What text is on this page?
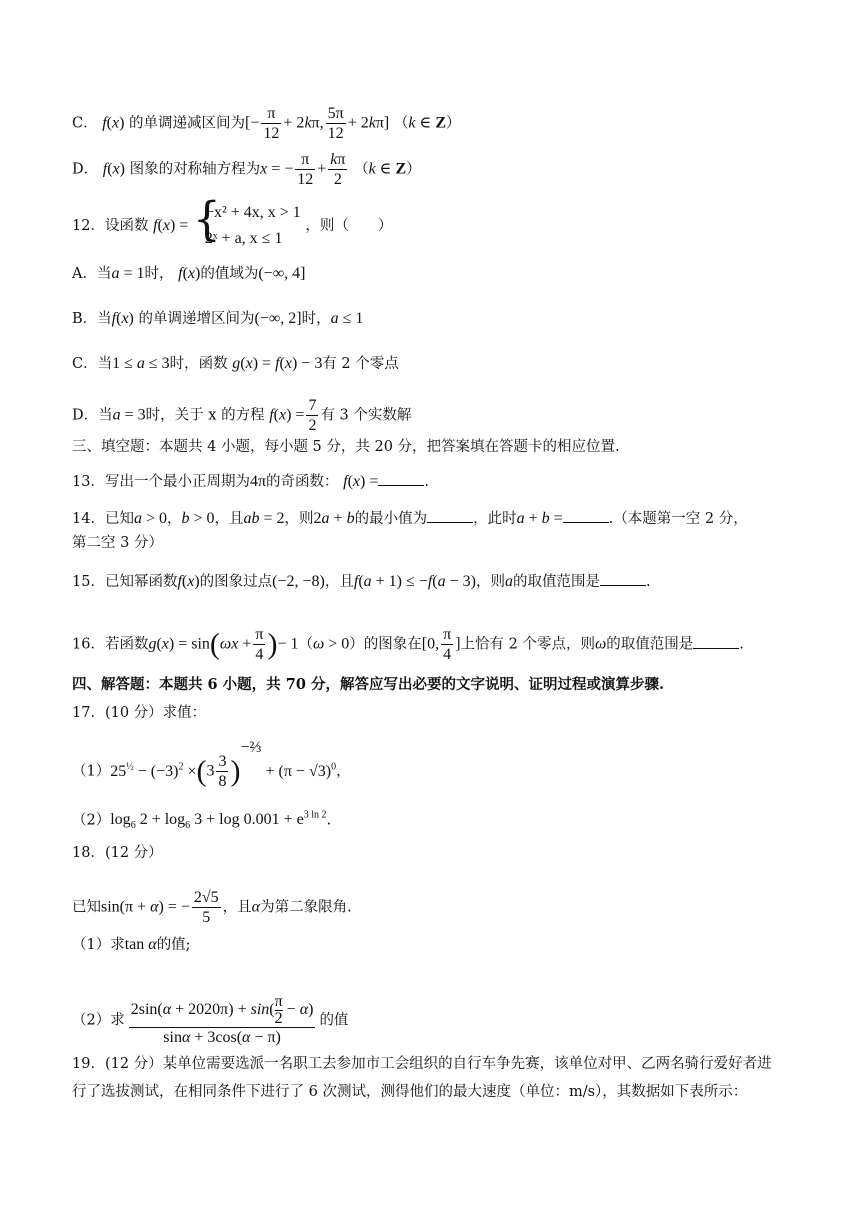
C． f(x) 的单调递减区间为[− $\frac{\pi}{12} + 2k\pi$, $\frac{5\pi}{12} + 2k\pi$] （k ∈ Z）
D． f(x) 图象的对称轴方程为x = − $\frac{\pi}{12} + \frac{k\pi}{2} (k$ ∈ Z）
12．设函数 f(x) = {
−x² + 4x, x > 1
2ˣ + a, x ≤ 1
，则（　　）
A．当a = 1时， f(x)的值域为(−∞, 4]
B．当f(x) 的单调递增区间为(−∞, 2]时，a ≤ 1
C．当1 ≤ a ≤ 3时，函数 g(x) = f(x) − 3有 2 个零点
D．当a = 3时，关于 x 的方程 $f(x) = \frac{7}{2}$ 有 3 个实数解
三、填空题：本题共 4 小题，每小题 5 分，共 20 分，把答案填在答题卡的相应位置.
13．写出一个最小正周期为4π的奇函数： f(x) =	.
14．已知a > 0，b > 0，且ab = 2，则2a + b的最小值为	，此时a + b =	.（本题第一空 2 分，
第二空 3 分）
15．已知幂函数f(x)的图象过点(−2, −8)，且f(a + 1) ≤ −f(a − 3)，则a的取值范围是	.
16．若函数$g(x) = \sin(\omega x + \frac{\pi}{4}$ )− 1（ω > 0）的图象在[0, $\frac{\pi}{4}$ ]上恰有 2 个零点，则ω的取值范围是	.
四、解答题：本题共 6 小题，共 70 分，解答应写出必要的文字说明、证明过程或演算步骤.
17．(10 分）求值：
$(1)25^{\frac{1}{2}} - (-3)^2 \times(3 \frac{3}{8} )^{-\frac{2}{3}} + (\pi - √3)^0$，
$(2)\log_6$ $2 + \log_6 3 + \log 0.001 + e^{3 ln 2}$.
18．(12 分）
已知sin(π + α) = − $\frac{2√5}{5}$ ，且α为第二象限角.
（1）求tan α的值;
（2）求 $\frac{2\sin(\alpha + 2020\pi) + \sin( \frac{\pi}{2} - \alpha)}{\sin\alpha + 3\cos(\alpha - \pi)}$ 的值
19．(12 分）某单位需要选派一名职工去参加市工会组织的自行车争先赛，该单位对甲、乙两名骑行爱好者进
行了选拔测试，在相同条件下进行了 6 次测试，测得他们的最大速度（单位：m/s），其数据如下表所示：
